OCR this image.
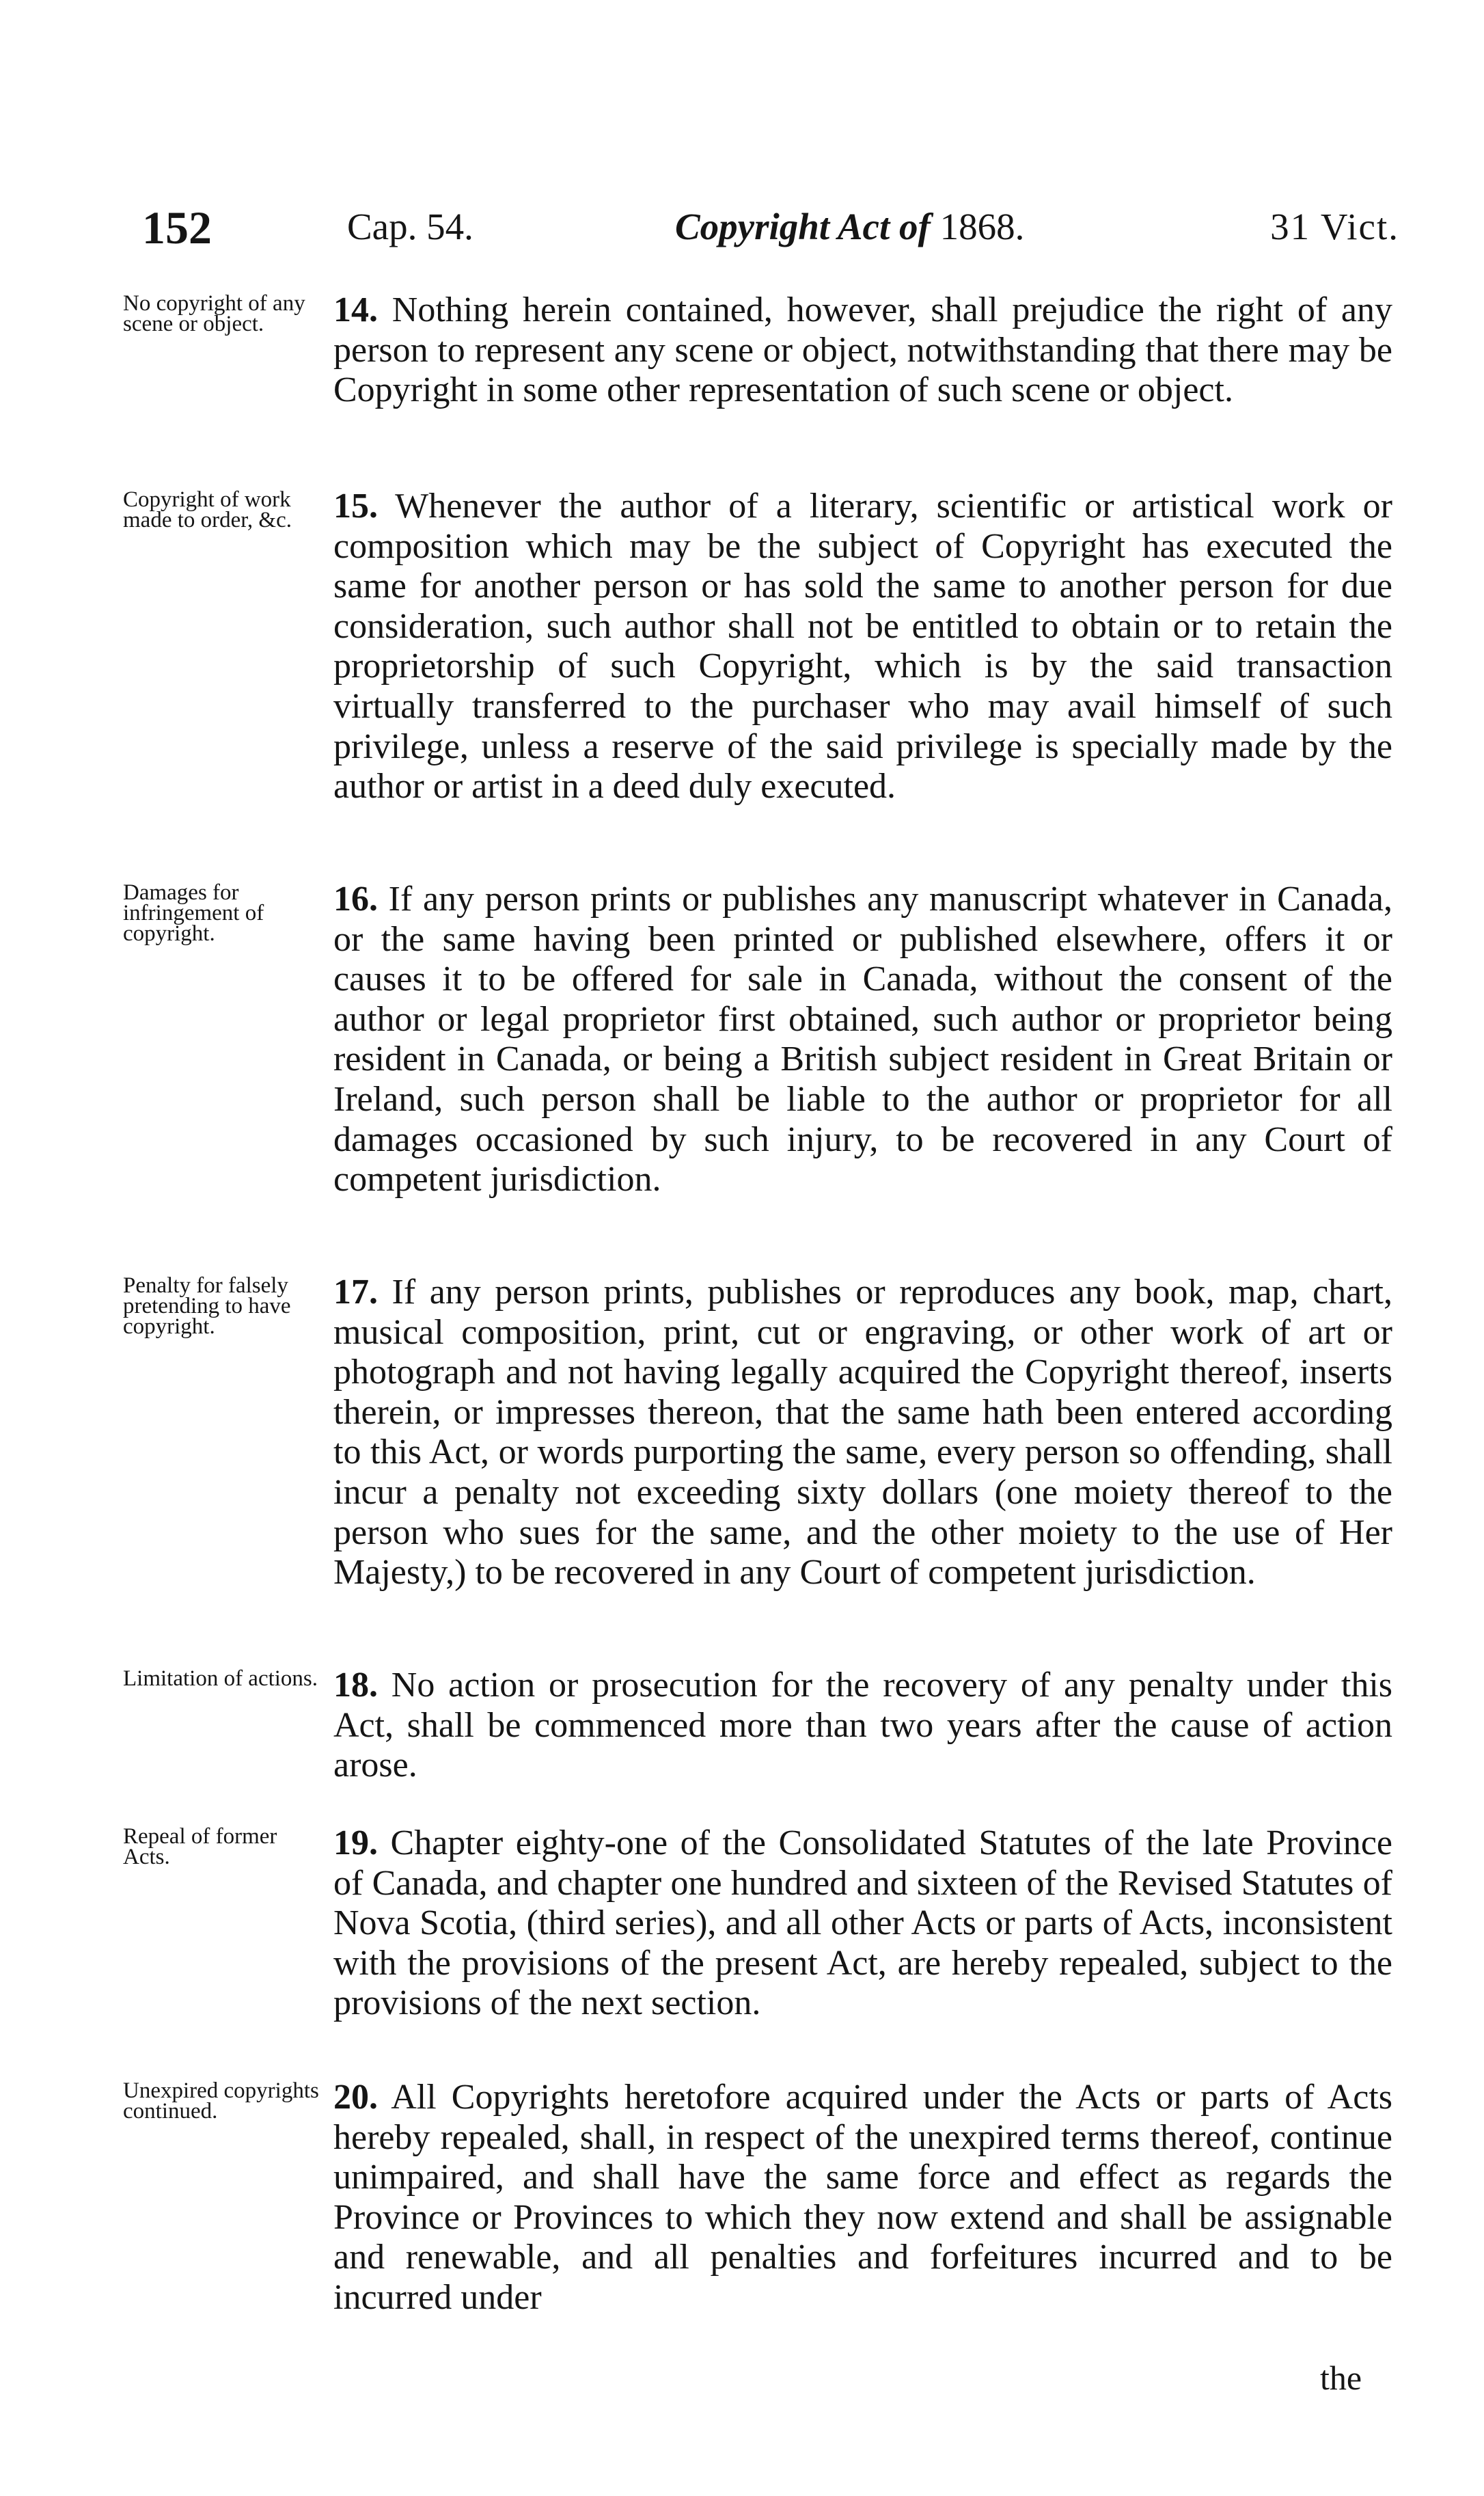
152	Cap. 54.	Copyright Act of 1868.	31 Vict.
No copyright of any scene or object.	14. Nothing herein contained, however, shall prejudice the right of any person to represent any scene or object, notwithstanding that there may be Copyright in some other representation of such scene or object.
Copyright of work made to order, &c.	15. Whenever the author of a literary, scientific or artistical work or composition which may be the subject of Copyright has executed the same for another person or has sold the same to another person for due consideration, such author shall not be entitled to obtain or to retain the proprietorship of such Copyright, which is by the said transaction virtually transferred to the purchaser who may avail himself of such privilege, unless a reserve of the said privilege is specially made by the author or artist in a deed duly executed.
Damages for infringement of copyright.
16. If any person prints or publishes any manuscript whatever in Canada, or the same having been printed or published elsewhere, offers it or causes it to be offered for sale in Canada, without the consent of the author or legal proprietor first obtained, such author or proprietor being resident in Canada, or being a British subject resident in Great Britain or Ireland, such person shall be liable to the author or proprietor for all damages occasioned by such injury, to be recovered in any Court of competent jurisdiction.
Penalty for falsely pretending to have copyright.
17. If any person prints, publishes or reproduces any book, map, chart, musical composition, print, cut or engraving, or other work of art or photograph and not having legally acquired the Copyright thereof, inserts therein, or impresses thereon, that the same hath been entered according to this Act, or words purporting the same, every person so offending, shall incur a penalty not exceeding sixty dollars (one moiety thereof to the person who sues for the same, and the other moiety to the use of Her Majesty,) to be recovered in any Court of competent jurisdiction.
Limitation of actions. 18. No action or prosecution for the recovery of any penalty under this Act, shall be commenced more than two years after the cause of action arose.
Repeal of former Acts.	19. Chapter eighty-one of the Consolidated Statutes of the late Province of Canada, and chapter one hundred and sixteen of the Revised Statutes of Nova Scotia, (third series), and all other Acts or parts of Acts, inconsistent with the provisions of the present Act, are hereby repealed, subject to the provisions of the next section.
Unexpired copyrights continued.	20. All Copyrights heretofore acquired under the Acts or parts of Acts hereby repealed, shall, in respect of the unexpired terms thereof, continue unimpaired, and shall have the same force and effect as regards the Province or Provinces to which they now extend and shall be assignable and renewable, and all penalties and forfeitures incurred and to be incurred under
the
